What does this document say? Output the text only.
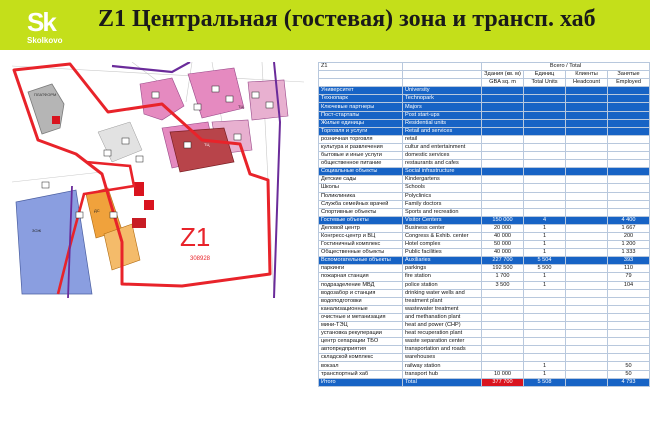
Sk
Skolkovo
Z1 Центральная (гостевая) зона и трансп. хаб
ПЛАТФОРМ
ТЦ
ТЦ
ДС
ЗОЖ	Z1
308928
Z1		Всего / Total			
		Здания (кв. м)	Единиц	Клиенты	Занятые
		GBA sq. m	Total Units	Headcount	Employed
Университет	University				
Технопарк	Technopark				
Ключевые партнеры	Majors				
Пост-стартапы	Post start-ups				
Жилые единицы	Residential units				
Торговля и услуги	Retail and services				
розничная торговля	retail				
культура и развлечения	cultur and entertainment				
бытовые и иные услуги	domestic services				
общественное питание	restaurants and cafes				
Социальные объекты	Social infrastructure				
Детские сады	Kindergartens				
Школы	Schools				
Поликлиника	Polyclinics				
Служба семейных врачей	Family doctors				
Спортивные объекты	Sports and recreation				
Гостевые объекты	Visitor Centers	150 000	4		4 400
Деловой центр	Business center	20 000	1		1 667
Конгресс-центр и ВЦ	Congress & Exhib. center	40 000	1		200
Гостиничный комплекс	Hotel complex	50 000	1		1 200
Общественные объекты	Public facilities	40 000	1		1 333
Вспомогательные объекты	Auxiliaries	227 700	5 504		393
паркинги	parkings	192 500	5 500		110
пожарная станция	fire station	1 700	1		79
подразделение МВД	police station	3 500	1		104
водозабор и станция	drinking water wells and				
водоподготовки	treatment plant				
канализационные	wastewater treatment				
очистные и метанизация	and methanation plant				
мини-ТЭЦ	heat and power (CHP)				
установка рекуперации	heat recuperation plant				
центр сепарации ТБО	waste separation center				
автопредприятия	transportation and roads				
складской комплекс	warehouses				
вокзал	railway station		1		50
транспортный хаб	transport hub	10 000	1		50
Итого	Total	377 700	5 508		4 793
